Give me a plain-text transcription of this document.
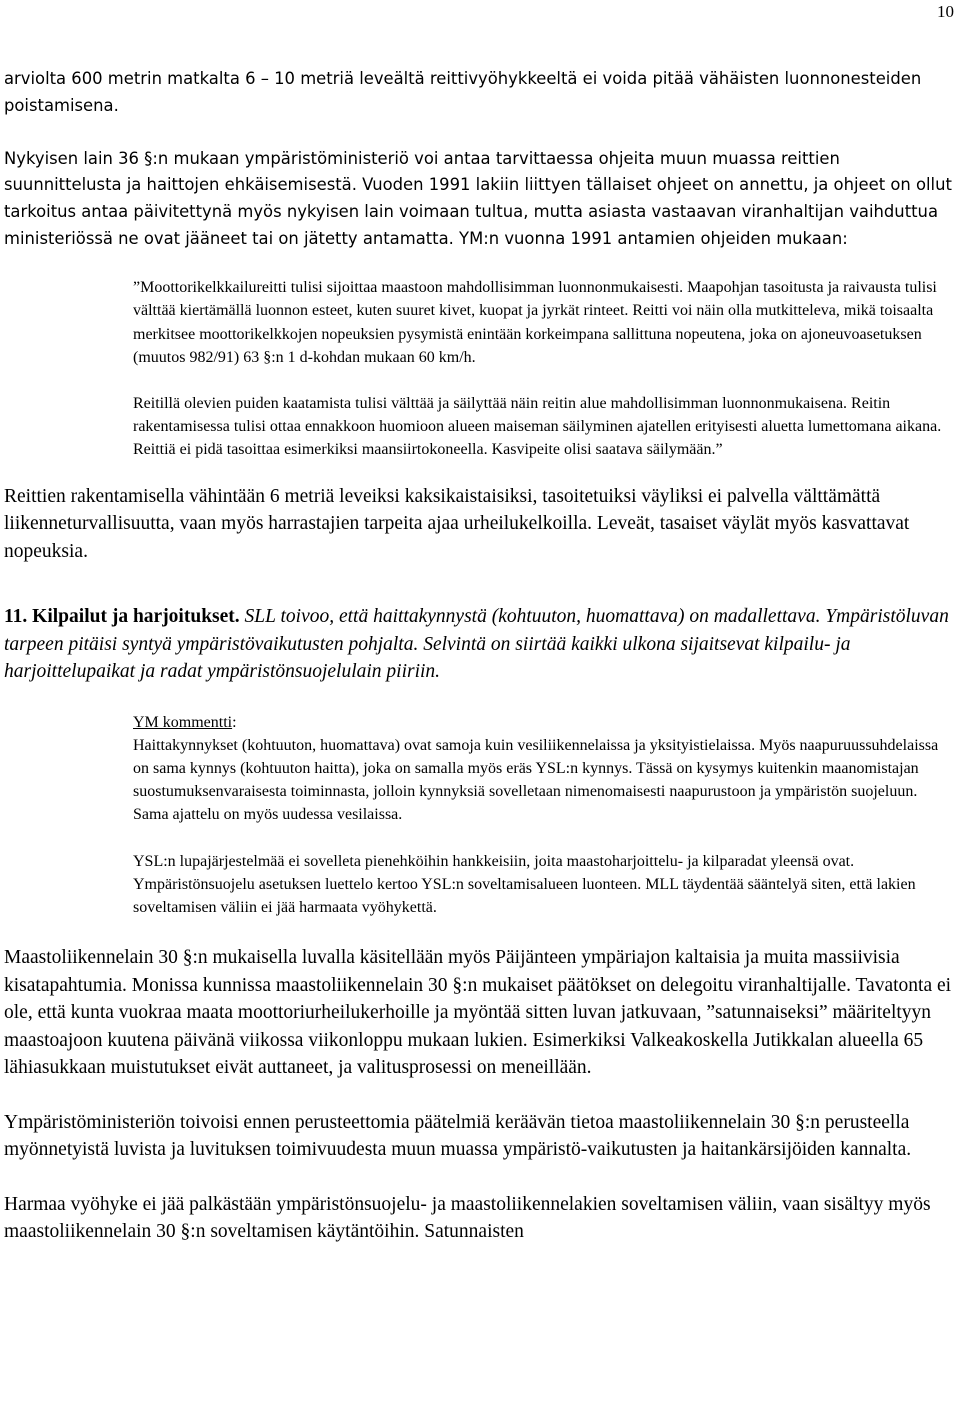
10

arviolta 600 metrin matkalta 6 – 10 metriä leveältä reittivyöhykkeeltä ei voida pitää vähäisten luonnonesteiden poistamisena.

Nykyisen lain 36 §:n mukaan ympäristöministeriö voi antaa tarvittaessa ohjeita muun muassa reittien suunnittelusta ja haittojen ehkäisemisestä. Vuoden 1991 lakiin liittyen tällaiset ohjeet on annettu, ja ohjeet on ollut tarkoitus antaa päivitettynä myös nykyisen lain voimaan tultua, mutta asiasta vastaavan viranhaltijan vaihduttua ministeriössä ne ovat jääneet tai on jätetty antamatta. YM:n vuonna 1991 antamien ohjeiden mukaan:

”Moottorikelkkailureitti tulisi sijoittaa maastoon mahdollisimman luonnonmukaisesti. Maapohjan tasoitusta ja raivausta tulisi välttää kiertämällä luonnon esteet, kuten suuret kivet, kuopat ja jyrkät rinteet. Reitti voi näin olla mutkitteleva, mikä toisaalta merkitsee moottorikelkkojen nopeuksien pysymistä enintään korkeimpana sallittuna nopeutena, joka on ajoneuvoasetuksen (muutos 982/91) 63 §:n 1 d-kohdan mukaan 60 km/h.

Reitillä olevien puiden kaatamista tulisi välttää ja säilyttää näin reitin alue mahdollisimman luonnonmukaisena. Reitin rakentamisessa tulisi ottaa ennakkoon huomioon alueen maiseman säilyminen ajatellen erityisesti aluetta lumettomana aikana. Reittiä ei pidä tasoittaa esimerkiksi maansiirtokoneella. Kasvipeite olisi saatava säilymään.”

Reittien rakentamisella vähintään 6 metriä leveiksi kaksikaistaisiksi, tasoitetuiksi väyliksi ei palvella välttämättä liikenneturvallisuutta, vaan myös harrastajien tarpeita ajaa urheilukelkoilla. Leveät, tasaiset väylät myös kasvattavat nopeuksia.

11. Kilpailut ja harjoitukset. SLL toivoo, että haittakynnystä (kohtuuton, huomattava) on madallettava. Ympäristöluvan tarpeen pitäisi syntyä ympäristövaikutusten pohjalta. Selvintä on siirtää kaikki ulkona sijaitsevat kilpailu- ja harjoittelupaikat ja radat ympäristönsuojelulain piiriin.

YM kommentti:

Haittakynnykset (kohtuuton, huomattava) ovat samoja kuin vesiliikennelaissa ja yksityistielaissa. Myös naapuruussuhdelaissa on sama kynnys (kohtuuton haitta), joka on samalla myös eräs YSL:n kynnys. Tässä on kysymys kuitenkin maanomistajan suostumuksenvaraisesta toiminnasta, jolloin kynnyksiä sovelletaan nimenomaisesti naapurustoon ja ympäristön suojeluun. Sama ajattelu on myös uudessa vesilaissa.

YSL:n lupajärjestelmää ei sovelleta pienehköihin hankkeisiin, joita maastoharjoittelu- ja kilparadat yleensä ovat. Ympäristönsuojelu asetuksen luettelo kertoo YSL:n soveltamisalueen luonteen. MLL täydentää sääntelyä siten, että lakien soveltamisen väliin ei jää harmaata vyöhykettä.

Maastoliikennelain 30 §:n mukaisella luvalla käsitellään myös Päijänteen ympäriajon kaltaisia ja muita massiivisia kisatapahtumia. Monissa kunnissa maastoliikennelain 30 §:n mukaiset päätökset on delegoitu viranhaltijalle. Tavatonta ei ole, että kunta vuokraa maata moottoriurheilukerhoille ja myöntää sitten luvan jatkuvaan, ”satunnaiseksi” määriteltyyn maastoajoon kuutena päivänä viikossa viikonloppu mukaan lukien. Esimerkiksi Valkeakoskella Jutikkalan alueella 65 lähiasukkaan muistutukset eivät auttaneet, ja valitusprosessi on meneillään.

Ympäristöministeriön toivoisi ennen perusteettomia päätelmiä keräävän tietoa maastoliikennelain 30 §:n perusteella myönnetyistä luvista ja luvituksen toimivuudesta muun muassa ympäristö-vaikutusten ja haitankärsijöiden kannalta.

Harmaa vyöhyke ei jää palkästään ympäristönsuojelu- ja maastoliikennelakien soveltamisen väliin, vaan sisältyy myös maastoliikennelain 30 §:n soveltamisen käytäntöihin. Satunnaisten
